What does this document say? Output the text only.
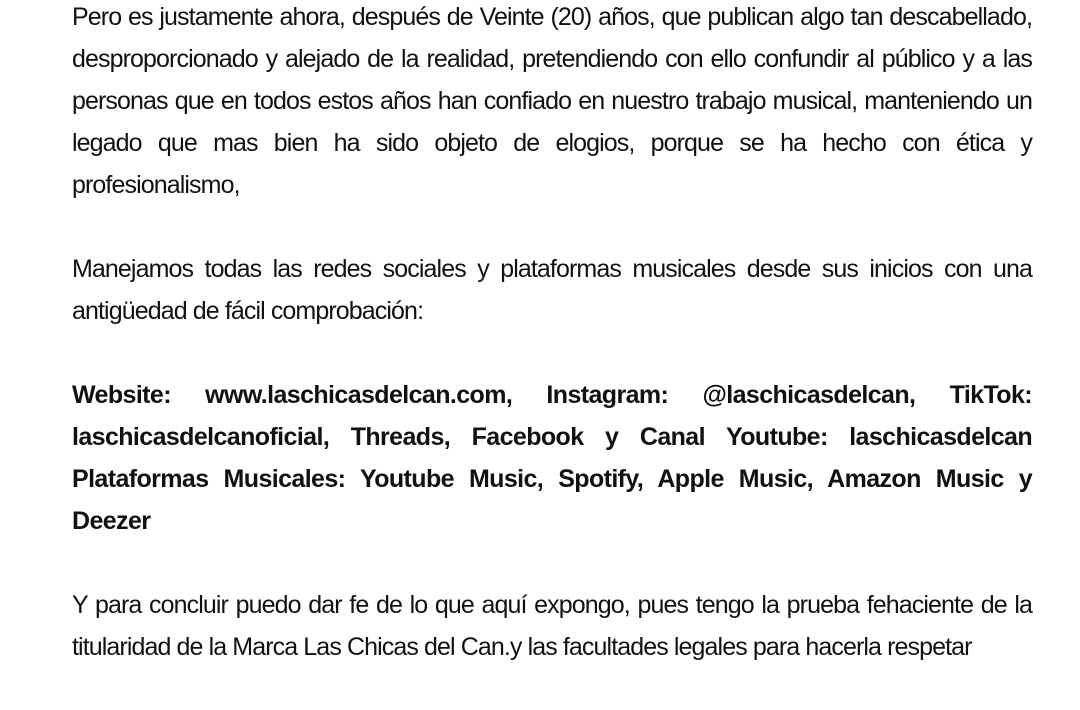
Pero es justamente ahora, después de Veinte (20) años, que publican algo tan descabellado, desproporcionado y alejado de la realidad, pretendiendo con ello confundir al público y a las personas que en todos estos años han confiado en nuestro trabajo musical, manteniendo un legado que mas bien ha sido objeto de elogios, porque se ha hecho con ética y profesionalismo,

Manejamos todas las redes sociales y plataformas musicales desde sus inicios con una antigüedad de fácil comprobación:

Website: www.laschicasdelcan.com, Instagram: @laschicasdelcan, TikTok: laschicasdelcanoficial, Threads, Facebook y Canal Youtube: laschicasdelcan Plataformas Musicales: Youtube Music, Spotify, Apple Music, Amazon Music y Deezer

Y para concluir puedo dar fe de lo que aquí expongo, pues tengo la prueba fehaciente de la titularidad de la Marca Las Chicas del Can.y las facultades legales para hacerla respetar
